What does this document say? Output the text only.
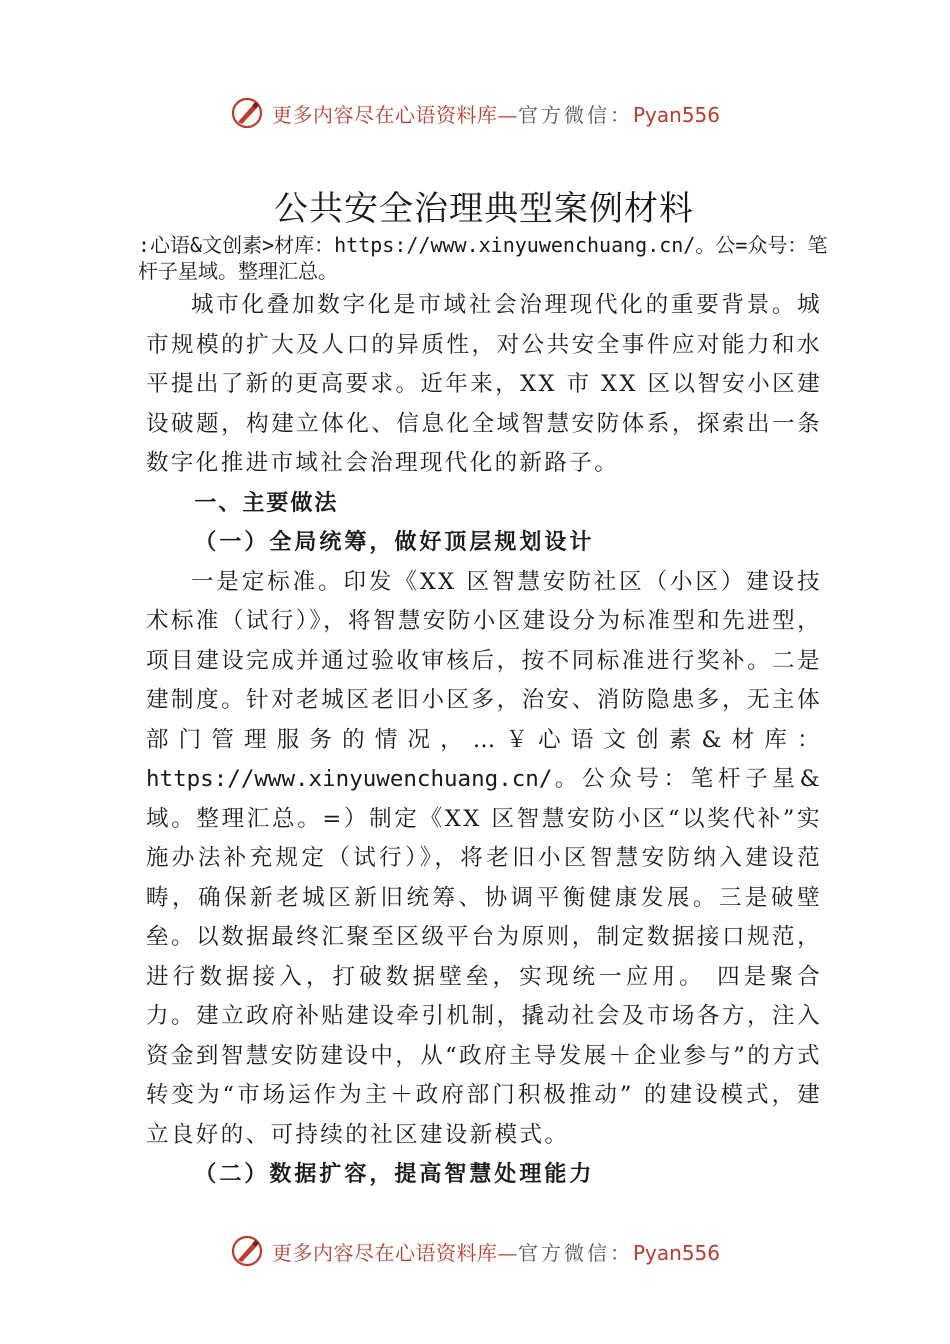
更多内容尽在心语资料库—官方微信：Pyan556
公共安全治理典型案例材料
:心语&文创素>材库：https://www.xinyuwenchuang.cn/。公=众号：笔杆子星域。整理汇总。

城市化叠加数字化是市域社会治理现代化的重要背景。城市规模的扩大及人口的异质性，对公共安全事件应对能力和水平提出了新的更高要求。近年来，XX 市 XX 区以智安小区建设破题，构建立体化、信息化全域智慧安防体系，探索出一条数字化推进市域社会治理现代化的新路子。

一、主要做法

（一）全局统筹，做好顶层规划设计

一是定标准。印发《XX 区智慧安防社区（小区）建设技术标准（试行）》，将智慧安防小区建设分为标准型和先进型， 项目建设完成并通过验收审核后，按不同标准进行奖补。二是建制度。针对老城区老旧小区多，治安、消防隐患多，无主体部门管理服务的情况，…￥心语文创素&材库：https://www.xinyuwenchuang.cn/。公众号：笔杆子星&域。整理汇总。=）制定《XX 区智慧安防小区“以奖代补”实施办法补充规定（试行）》，将老旧小区智慧安防纳入建设范畴，确保新老城区新旧统筹、协调平衡健康发展。三是破壁垒。以数据最终汇聚至区级平台为原则，制定数据接口规范，进行数据接入，打破数据壁垒，实现统一应用。 四是聚合力。建立政府补贴建设牵引机制，撬动社会及市场各方，注入资金到智慧安防建设中，从“政府主导发展＋企业参与”的方式转变为“市场运作为主＋政府部门积极推动” 的建设模式，建立良好的、可持续的社区建设新模式。

（二）数据扩容，提高智慧处理能力

更多内容尽在心语资料库—官方微信：Pyan556
